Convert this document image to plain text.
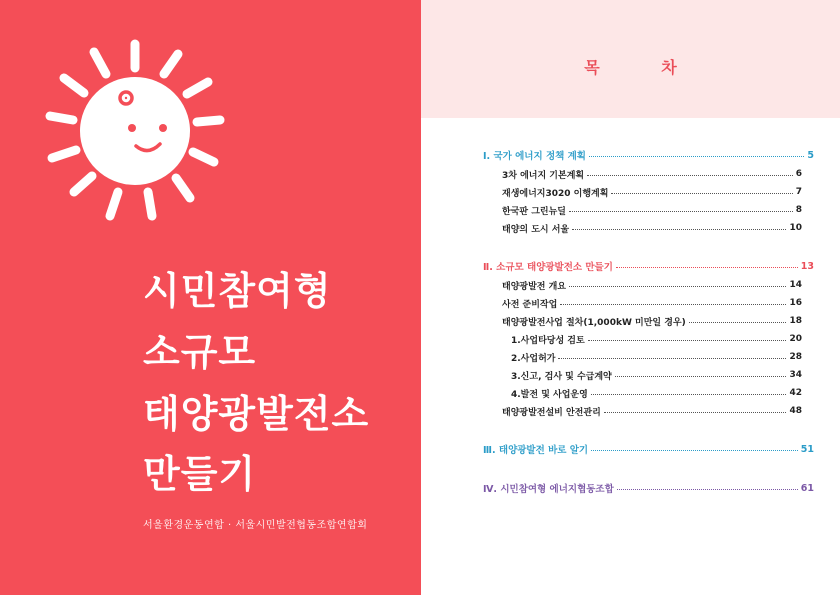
시민참여형
소규모
태양광발전소
만들기
서울환경운동연합 · 서울시민발전협동조합연합회
목 차
Ⅰ. 국가 에너지 정책 계획	5
3차 에너지 기본계획	6
재생에너지3020 이행계획	7
한국판 그린뉴딜	8
태양의 도시 서울	10
Ⅱ. 소규모 태양광발전소 만들기	13
태양광발전 개요	14
사전 준비작업	16
태양광발전사업 절차(1,000kW 미만일 경우)	18
1.사업타당성 검토	20
2.사업허가	28
3.신고, 검사 및 수급계약	34
4.발전 및 사업운영	42
태양광발전설비 안전관리	48
Ⅲ. 태양광발전 바로 알기	51
Ⅳ. 시민참여형 에너지협동조합	61
